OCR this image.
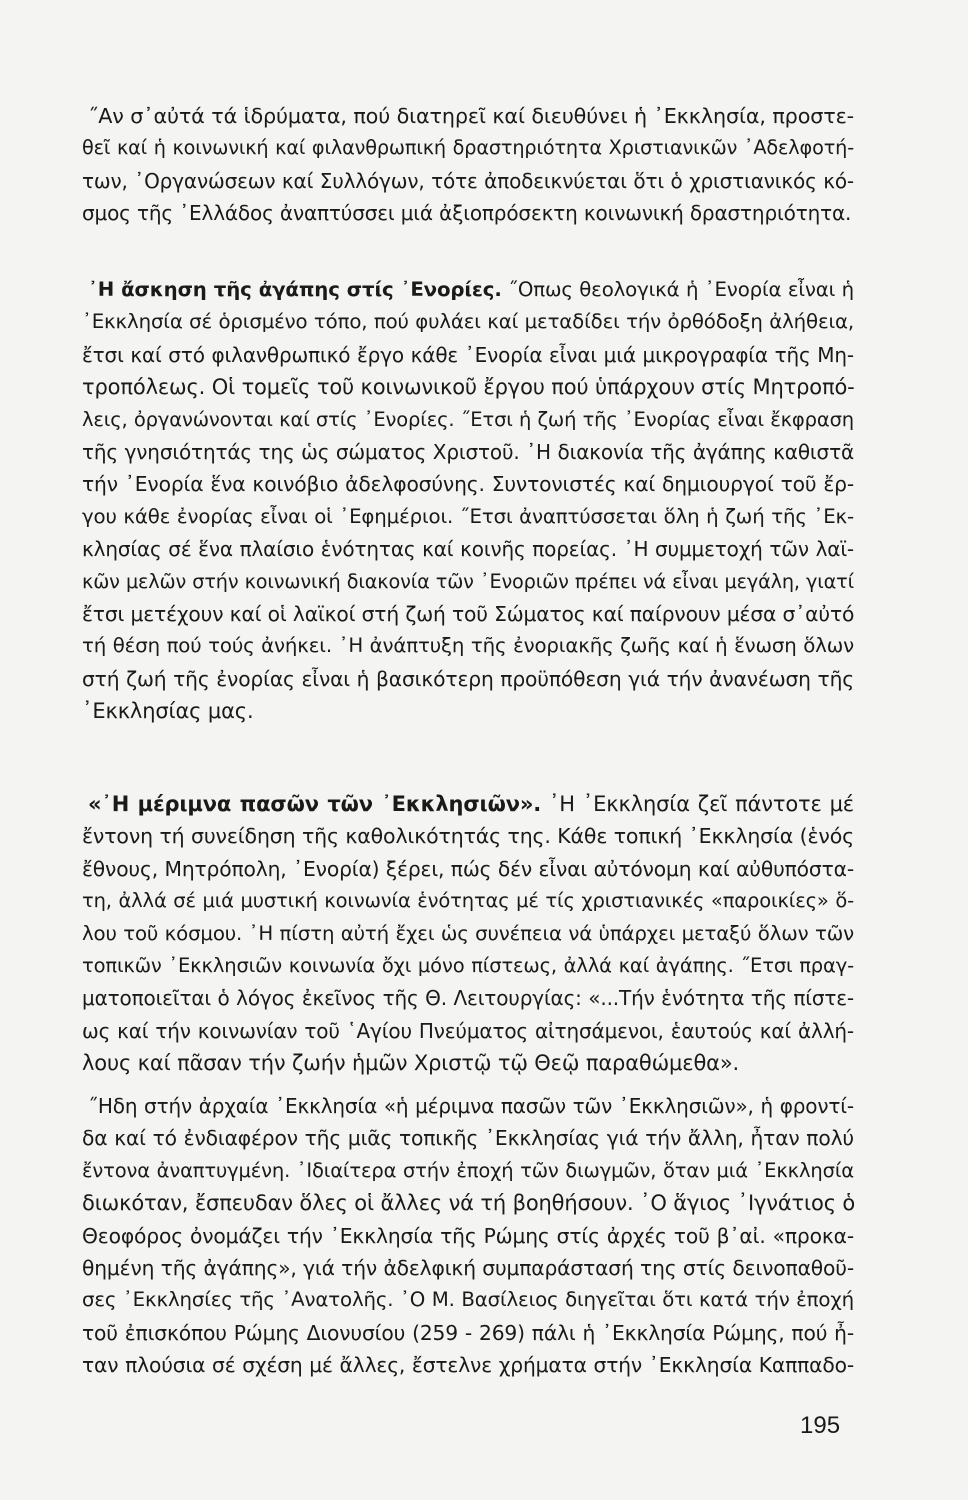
˝Αν σ᾽αὐτά τά ἱδρύματα, πού διατηρεῖ καί διευθύνει ἡ ᾽Εκκλησία, προστε-
θεῖ καί ἡ κοινωνική καί φιλανθρωπική δραστηριότητα Χριστιανικῶν ᾽Αδελφοτή-
των, ᾽Οργανώσεων καί Συλλόγων, τότε ἀποδεικνύεται ὅτι ὁ χριστιανικός κό-
σμος τῆς ᾽Ελλάδος ἀναπτύσσει μιά ἀξιοπρόσεκτη κοινωνική δραστηριότητα.
᾽Η ἄσκηση τῆς ἀγάπης στίς ᾽Ενορίες. ˝Οπως θεολογικά ἡ ᾽Ενορία εἶναι ἡ
᾽Εκκλησία σέ ὁρισμένο τόπο, πού φυλάει καί μεταδίδει τήν ὀρθόδοξη ἀλήθεια,
ἔτσι καί στό φιλανθρωπικό ἔργο κάθε ᾽Ενορία εἶναι μιά μικρογραφία τῆς Μη-
τροπόλεως. Οἱ τομεῖς τοῦ κοινωνικοῦ ἔργου πού ὑπάρχουν στίς Μητροπό-
λεις, ὀργανώνονται καί στίς ᾽Ενορίες. ˝Ετσι ἡ ζωή τῆς ᾽Ενορίας εἶναι ἔκφραση
τῆς γνησιότητάς της ὡς σώματος Χριστοῦ. ᾽Η διακονία τῆς ἀγάπης καθιστᾶ
τήν ᾽Ενορία ἕνα κοινόβιο ἀδελφοσύνης. Συντονιστές καί δημιουργοί τοῦ ἔρ-
γου κάθε ἐνορίας εἶναι οἱ ᾽Εφημέριοι. ˝Ετσι ἀναπτύσσεται ὅλη ἡ ζωή τῆς ᾽Εκ-
κλησίας σέ ἕνα πλαίσιο ἑνότητας καί κοινῆς πορείας. ᾽Η συμμετοχή τῶν λαϊ-
κῶν μελῶν στήν κοινωνική διακονία τῶν ᾽Ενοριῶν πρέπει νά εἶναι μεγάλη, γιατί
ἔτσι μετέχουν καί οἱ λαϊκοί στή ζωή τοῦ Σώματος καί παίρνουν μέσα σ᾽αὐτό
τή θέση πού τούς ἀνήκει. ᾽Η ἀνάπτυξη τῆς ἐνοριακῆς ζωῆς καί ἡ ἕνωση ὅλων
στή ζωή τῆς ἐνορίας εἶναι ἡ βασικότερη προϋπόθεση γιά τήν ἀνανέωση τῆς
᾽Εκκλησίας μας.
«᾽Η μέριμνα πασῶν τῶν ᾽Εκκλησιῶν». ᾽Η ᾽Εκκλησία ζεῖ πάντοτε μέ
ἔντονη τή συνείδηση τῆς καθολικότητάς της. Κάθε τοπική ᾽Εκκλησία (ἑνός
ἔθνους, Μητρόπολη, ᾽Ενορία) ξέρει, πώς δέν εἶναι αὐτόνομη καί αὐθυπόστα-
τη, ἀλλά σέ μιά μυστική κοινωνία ἑνότητας μέ τίς χριστιανικές «παροικίες» ὅ-
λου τοῦ κόσμου. ᾽Η πίστη αὐτή ἔχει ὡς συνέπεια νά ὑπάρχει μεταξύ ὅλων τῶν
τοπικῶν ᾽Εκκλησιῶν κοινωνία ὄχι μόνο πίστεως, ἀλλά καί ἀγάπης. ˝Ετσι πραγ-
ματοποιεῖται ὁ λόγος ἐκεῖνος τῆς Θ. Λειτουργίας: «...Τήν ἑνότητα τῆς πίστε-
ως καί τήν κοινωνίαν τοῦ ῾Αγίου Πνεύματος αἰτησάμενοι, ἑαυτούς καί ἀλλή-
λους καί πᾶσαν τήν ζωήν ἡμῶν Χριστῷ τῷ Θεῷ παραθώμεθα».
˝Ηδη στήν ἀρχαία ᾽Εκκλησία «ἡ μέριμνα πασῶν τῶν ᾽Εκκλησιῶν», ἡ φροντί-
δα καί τό ἐνδιαφέρον τῆς μιᾶς τοπικῆς ᾽Εκκλησίας γιά τήν ἄλλη, ἦταν πολύ
ἔντονα ἀναπτυγμένη. ᾽Ιδιαίτερα στήν ἐποχή τῶν διωγμῶν, ὅταν μιά ᾽Εκκλησία
διωκόταν, ἔσπευδαν ὅλες οἱ ἄλλες νά τή βοηθήσουν. ᾽Ο ἅγιος ᾽Ιγνάτιος ὁ
Θεοφόρος ὀνομάζει τήν ᾽Εκκλησία τῆς Ρώμης στίς ἀρχές τοῦ β᾽αἰ. «προκα-
θημένη τῆς ἀγάπης», γιά τήν ἀδελφική συμπαράστασή της στίς δεινοπαθοῦ-
σες ᾽Εκκλησίες τῆς ᾽Ανατολῆς. ᾽Ο Μ. Βασίλειος διηγεῖται ὅτι κατά τήν ἐποχή
τοῦ ἐπισκόπου Ρώμης Διονυσίου (259 - 269) πάλι ἡ ᾽Εκκλησία Ρώμης, πού ἦ-
ταν πλούσια σέ σχέση μέ ἄλλες, ἔστελνε χρήματα στήν ᾽Εκκλησία Καππαδο-
195
